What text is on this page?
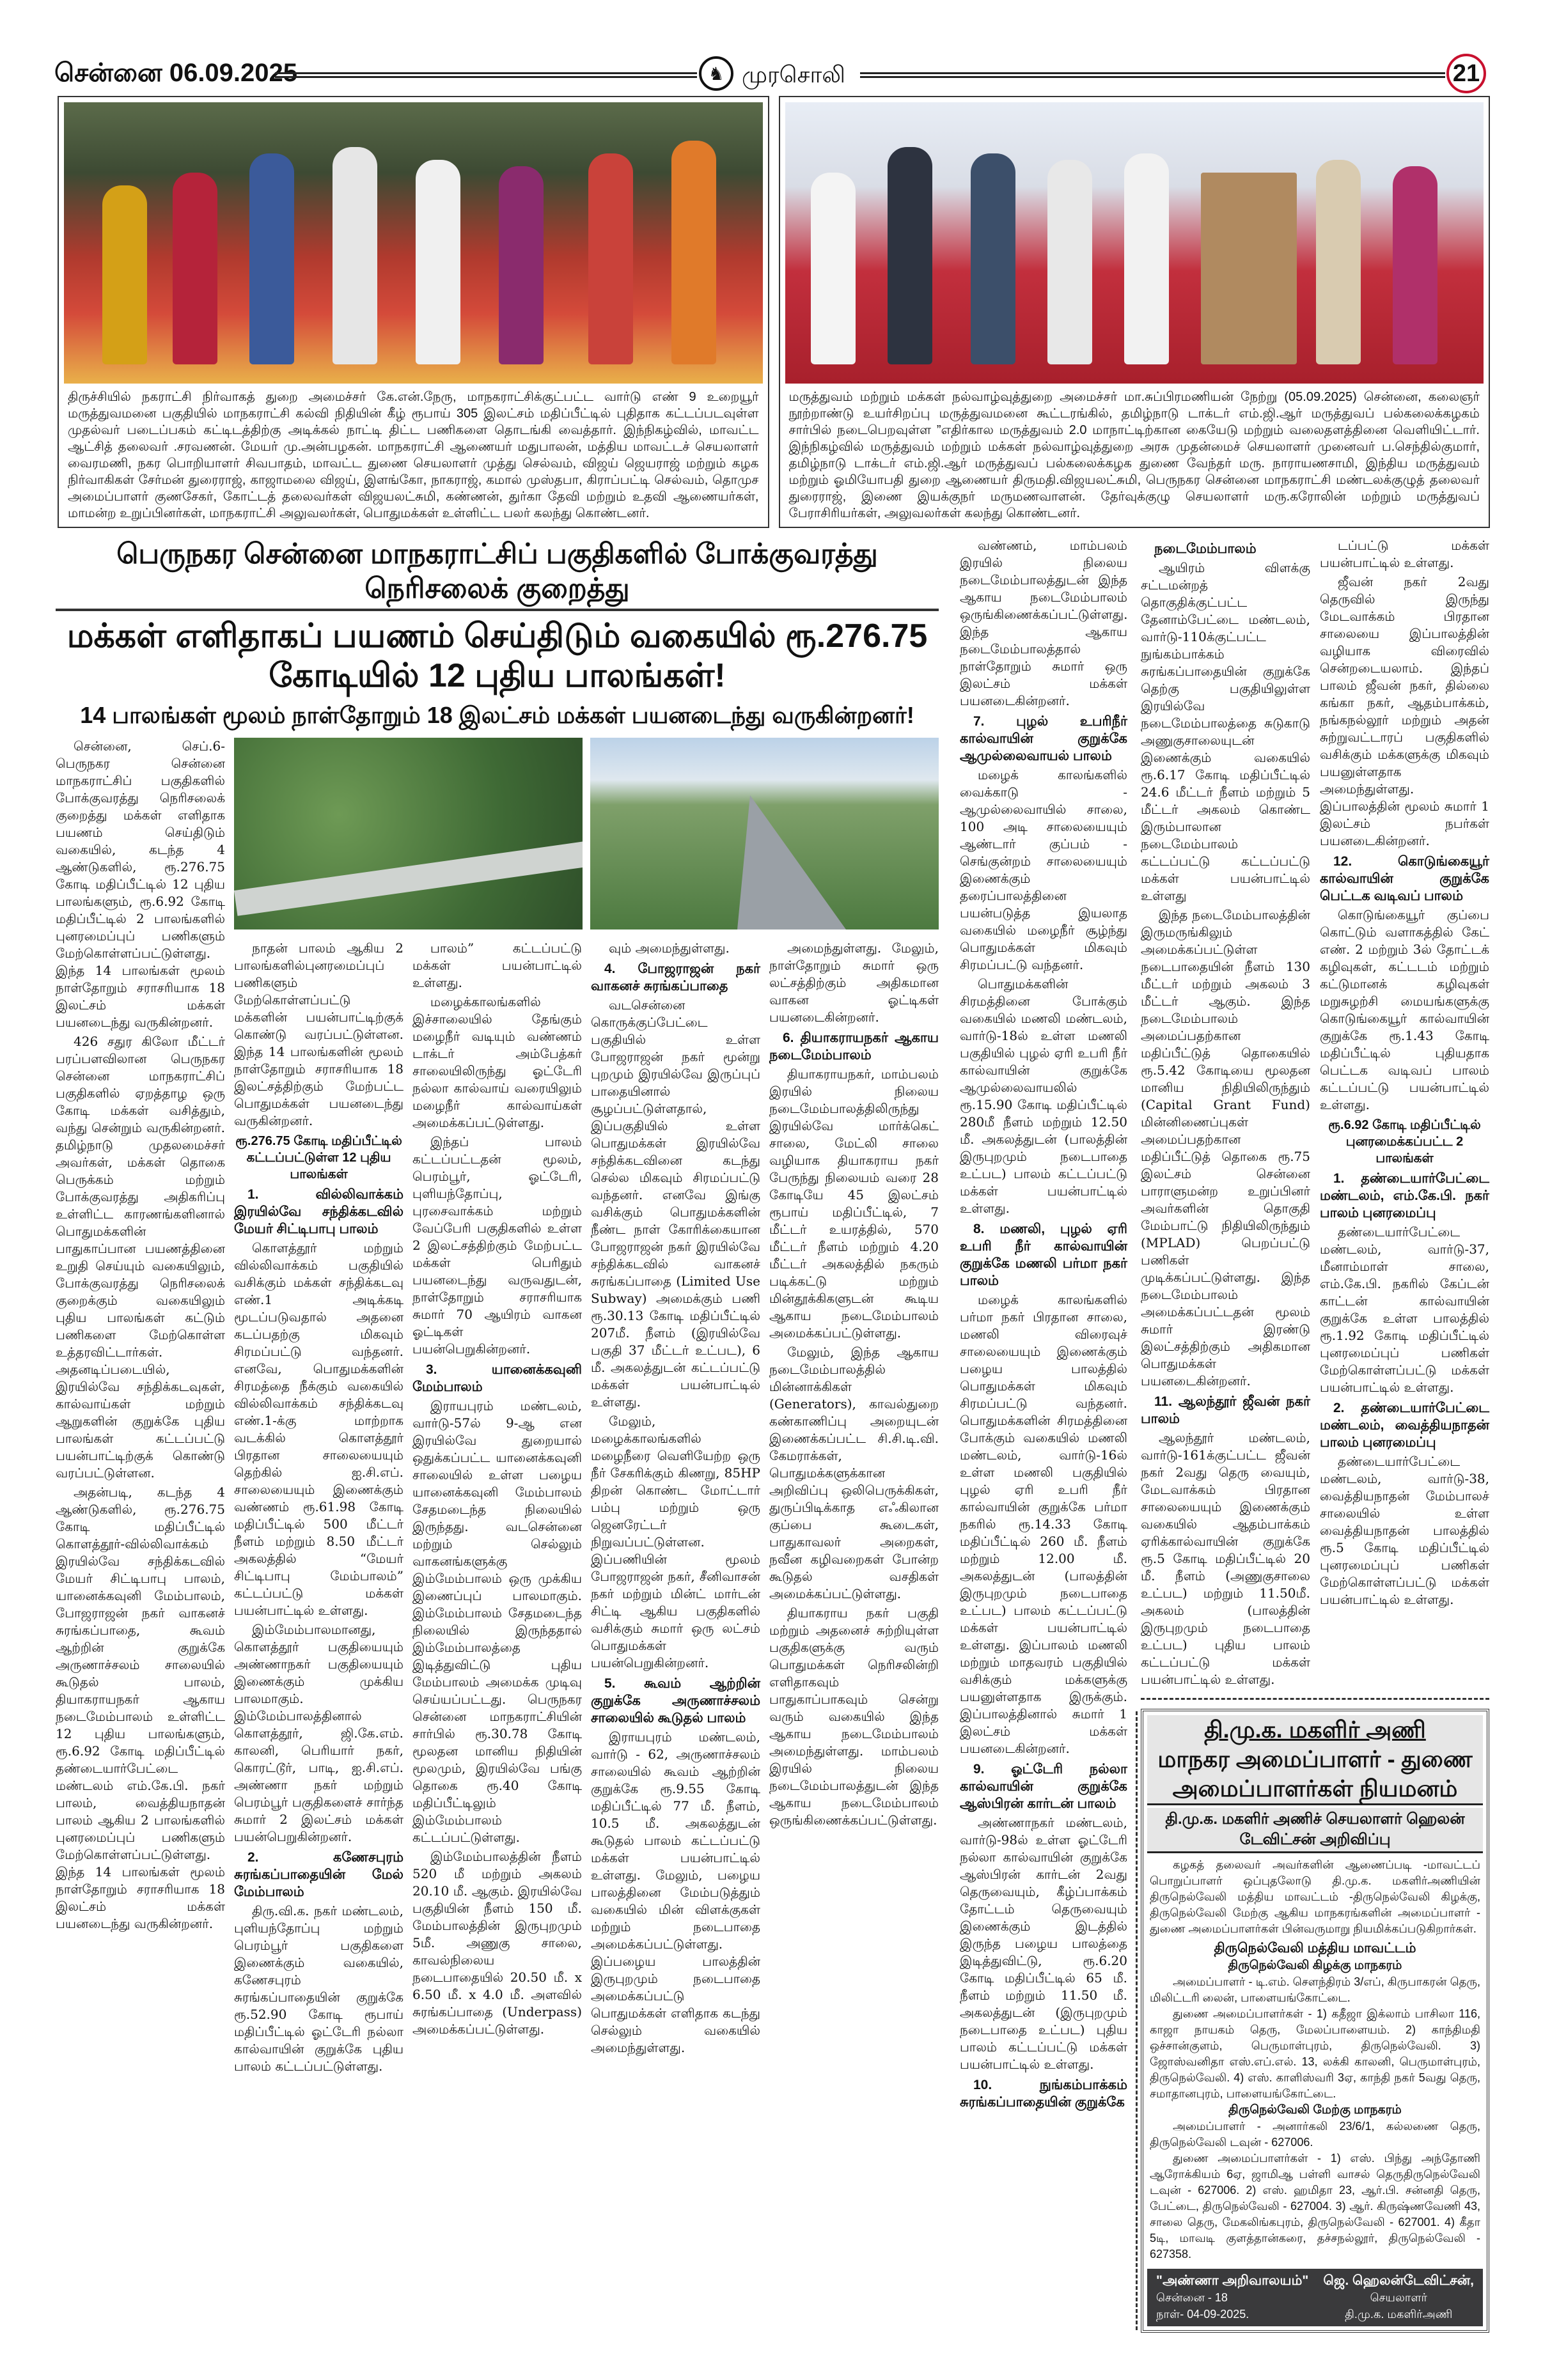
சென்னை 06.09.2025	♞ முரசொலி	21
திருச்சியில் நகராட்சி நிர்வாகத் துறை அமைச்சர் கே.என்.நேரு, மாநகராட்சிக்குட்பட்ட வார்டு எண் 9 உறையூர் மருத்துவமனை பகுதியில் மாநகராட்சி கல்வி நிதியின் கீழ் ரூபாய் 305 இலட்சம் மதிப்பீட்டில் புதிதாக கட்டப்படவுள்ள முதல்வர் படைப்பகம் கட்டிடத்திற்கு அடிக்கல் நாட்டி திட்ட பணிகளை தொடங்கி வைத்தார். இந்நிகழ்வில், மாவட்ட ஆட்சித் தலைவர் .சரவணன். மேயர் மு.அன்பழகன். மாநகராட்சி ஆணையர் மதுபாலன், மத்திய மாவட்டச் செயலாளர் வைரமணி, நகர பொறியாளர் சிவபாதம், மாவட்ட துணை செயலாளர் முத்து செல்வம், விஜய் ஜெயராஜ் மற்றும் கழக நிர்வாகிகள் சேர்மன் துரைராஜ், காஜாமலை விஜய், இளங்கோ, நாகராஜ், கமால் முஸ்தபா, கிராப்பட்டி செல்வம், தொமுச அமைப்பாளர் குணசேகர், கோட்டத் தலைவர்கள் விஜயலட்சுமி, கண்ணன், துர்கா தேவி மற்றும் உதவி ஆணையர்கள், மாமன்ற உறுப்பினர்கள், மாநகராட்சி அலுவலர்கள், பொதுமக்கள் உள்ளிட்ட பலர் கலந்து கொண்டனர்.
மருத்துவம் மற்றும் மக்கள் நல்வாழ்வுத்துறை அமைச்சர் மா.சுப்பிரமணியன் நேற்று (05.09.2025) சென்னை, கலைஞர் நூற்றாண்டு உயர்சிறப்பு மருத்துவமனை கூட்டரங்கில், தமிழ்நாடு டாக்டர் எம்.ஜி.ஆர் மருத்துவப் பல்கலைக்கழகம் சார்பில் நடைபெறவுள்ள ”எதிர்கால மருத்துவம் 2.0 மாநாட்டிற்கான கையேடு மற்றும் வலைதளத்தினை வெளியிட்டார். இந்நிகழ்வில் மருத்துவம் மற்றும் மக்கள் நல்வாழ்வுத்துறை அரசு முதன்மைச் செயலாளர் முனைவர் ப.செந்தில்குமார், தமிழ்நாடு டாக்டர் எம்.ஜி.ஆர் மருத்துவப் பல்கலைக்கழக துணை வேந்தர் மரு. நாராயணசாமி, இந்திய மருத்துவம் மற்றும் ஓமியோபதி துறை ஆணையர் திருமதி.விஜயலட்சுமி, பெருநகர சென்னை மாநகராட்சி மண்டலக்குழுத் தலைவர் துரைராஜ், இணை இயக்குநர் மருமணவாளன். தேர்வுக்குழு செயலாளர் மரு.கரோலின் மற்றும் மருத்துவப் பேராசிரியர்கள், அலுவலர்கள் கலந்து கொண்டனர்.
பெருநகர சென்னை மாநகராட்சிப் பகுதிகளில் போக்குவரத்து நெரிசலைக் குறைத்து
மக்கள் எளிதாகப் பயணம் செய்திடும் வகையில் ரூ.276.75 கோடியில் 12 புதிய பாலங்கள்!
14 பாலங்கள் மூலம் நாள்தோறும் 18 இலட்சம் மக்கள் பயனடைந்து வருகின்றனர்!

சென்னை, செப்.6- பெருநகர சென்னை மாநகராட்சிப் பகுதிகளில் போக்குவரத்து நெரிசலைக் குறைத்து மக்கள் எளிதாக பயணம் செய்திடும் வகையில், கடந்த 4 ஆண்டுகளில், ரூ.276.75 கோடி மதிப்பீட்டில் 12 புதிய பாலங்களும், ரூ.6.92 கோடி மதிப்பீட்டில் 2 பாலங்களில் புனரமைப்புப் பணிகளும் மேற்கொள்ளப்பட்டுள்ளது. இந்த 14 பாலங்கள் மூலம் நாள்தோறும் சராசரியாக 18 இலட்சம் மக்கள் பயனடைந்து வருகின்றனர்.

426 சதுர கிலோ மீட்டர் பரப்பளவிலான பெருநகர சென்னை மாநகராட்சிப் பகுதிகளில் ஏறத்தாழ ஒரு கோடி மக்கள் வசித்தும், வந்து சென்றும் வருகின்றனர். தமிழ்நாடு முதலமைச்சர் அவர்கள், மக்கள் தொகை பெருக்கம் மற்றும் போக்குவரத்து அதிகரிப்பு உள்ளிட்ட காரணங்களினால் பொதுமக்களின் பாதுகாப்பான பயணத்தினை உறுதி செய்யும் வகையிலும், போக்குவரத்து நெரிசலைக் குறைக்கும் வகையிலும் புதிய பாலங்கள் கட்டும் பணிகளை மேற்கொள்ள உத்தரவிட்டார்கள். அதனடிப்படையில், இரயில்வே சந்திக்கடவுகள், கால்வாய்கள் மற்றும் ஆறுகளின் குறுக்கே புதிய பாலங்கள் கட்டப்பட்டு பயன்பாட்டிற்குக் கொண்டு வரப்பட்டுள்ளன.

அதன்படி, கடந்த 4 ஆண்டுகளில், ரூ.276.75 கோடி மதிப்பீட்டில் கொளத்தூர்-வில்லிவாக்கம் இரயில்வே சந்திக்கடவில் மேயர் சிட்டிபாபு பாலம், யானைக்கவுனி மேம்பாலம், போஜராஜன் நகர் வாகனச் சுரங்கப்பாதை, கூவம் ஆற்றின் குறுக்கே அருணாச்சலம் சாலையில் கூடுதல் பாலம், தியாகராயநகர் ஆகாய நடைமேம்பாலம் உள்ளிட்ட 12 புதிய பாலங்களும், ரூ.6.92 கோடி மதிப்பீட்டில் தண்டையார்பேட்டை மண்டலம் எம்.கே.பி. நகர் பாலம், வைத்தியநாதன் பாலம் ஆகிய 2 பாலங்களில் புனரமைப்புப் பணிகளும் மேற்கொள்ளப்பட்டுள்ளது. இந்த 14 பாலங்கள் மூலம் நாள்தோறும் சராசரியாக 18 இலட்சம் மக்கள் பயனடைந்து வருகின்றனர்.

நாதன் பாலம் ஆகிய 2 பாலங்களில்புனரமைப்புப் பணிகளும் மேற்கொள்ளப்பட்டு மக்களின் பயன்பாட்டிற்குக் கொண்டு வரப்பட்டுள்ளன. இந்த 14 பாலங்களின் மூலம் நாள்தோறும் சராசரியாக 18 இலட்சத்திற்கும் மேற்பட்ட பொதுமக்கள் பயனடைந்து வருகின்றனர்.

ரூ.276.75 கோடி மதிப்பீட்டில் கட்டப்பட்டுள்ள 12 புதிய பாலங்கள்
1. வில்லிவாக்கம் இரயில்வே சந்திக்கடவில் மேயர் சிட்டிபாபு பாலம்

கொளத்தூர் மற்றும் வில்லிவாக்கம் பகுதியில் வசிக்கும் மக்கள் சந்திக்கடவு எண்.1 அடிக்கடி மூடப்படுவதால் அதனை கடப்பதற்கு மிகவும் சிரமப்பட்டு வந்தனர். எனவே, பொதுமக்களின் சிரமத்தை நீக்கும் வகையில் வில்லிவாக்கம் சந்திக்கடவு எண்.1-க்கு மாற்றாக வடக்கில் கொளத்தூர் பிரதான சாலையையும் தெற்கில் ஐ.சி.எப். சாலையையும் இணைக்கும் வண்ணம் ரூ.61.98 கோடி மதிப்பீட்டில் 500 மீட்டர் நீளம் மற்றும் 8.50 மீட்டர் அகலத்தில் “மேயர் சிட்டிபாபு மேம்பாலம்” கட்டப்பட்டு மக்கள் பயன்பாட்டில் உள்ளது.

இம்மேம்பாலமானது, கொளத்தூர் பகுதியையும் அண்ணாநகர் பகுதியையும் இணைக்கும் முக்கிய பாலமாகும். இம்மேம்பாலத்தினால் கொளத்தூர், ஜி.கே.எம். காலனி, பெரியார் நகர், கொரட்டூர், பாடி, ஐ.சி.எப். அண்ணா நகர் மற்றும் பெரம்பூர் பகுதிகளைச் சார்ந்த சுமார் 2 இலட்சம் மக்கள் பயன்பெறுகின்றனர்.

2. கணேசபுரம் சுரங்கப்பாதையின் மேல் மேம்பாலம்

திரு.வி.க. நகர் மண்டலம், புளியந்தோப்பு மற்றும் பெரம்பூர் பகுதிகளை இணைக்கும் வகையில், கணேசபுரம் சுரங்கப்பாதையின் குறுக்கே ரூ.52.90 கோடி ரூபாய் மதிப்பீட்டில் ஓட்டேரி நல்லா கால்வாயின் குறுக்கே புதிய பாலம் கட்டப்பட்டுள்ளது.

பாலம்” கட்டப்பட்டு மக்கள் பயன்பாட்டில் உள்ளது.

மழைக்காலங்களில் இச்சாலையில் தேங்கும் மழைநீர் வடியும் வண்ணம் டாக்டர் அம்பேத்கர் சாலையிலிருந்து ஓட்டேரி நல்லா கால்வாய் வரையிலும் மழைநீர் கால்வாய்கள் அமைக்கப்பட்டுள்ளது.

இந்தப் பாலம் கட்டப்பட்டதன் மூலம், பெரம்பூர், ஓட்டேரி, புளியந்தோப்பு, புரசைவாக்கம் மற்றும் வேப்பேரி பகுதிகளில் உள்ள 2 இலட்சத்திற்கும் மேற்பட்ட மக்கள் பெரிதும் பயனடைந்து வருவதுடன், நாள்தோறும் சராசரியாக சுமார் 70 ஆயிரம் வாகன ஓட்டிகள் பயன்பெறுகின்றனர்.

3. யானைக்கவுனி மேம்பாலம்

இராயபுரம் மண்டலம், வார்டு-57ல் 9-ஆ என இரயில்வே துறையால் ஒதுக்கப்பட்ட யானைக்கவுனி சாலையில் உள்ள பழைய யானைக்கவுனி மேம்பாலம் சேதமடைந்த நிலையில் இருந்தது. வடசென்னை மற்றும் செல்லும் வாகனங்களுக்கு இம்மேம்பாலம் ஒரு முக்கிய இணைப்புப் பாலமாகும். இம்மேம்பாலம் சேதமடைந்த நிலையில் இருந்ததால் இம்மேம்பாலத்தை இடித்துவிட்டு புதிய மேம்பாலம் அமைக்க முடிவு செய்யப்பட்டது. பெருநகர சென்னை மாநகராட்சியின் சார்பில் ரூ.30.78 கோடி மூலதன மானிய நிதியின் மூலமும், இரயில்வே பங்கு தொகை ரூ.40 கோடி மதிப்பீட்டிலும் இம்மேம்பாலம் கட்டப்பட்டுள்ளது.

இம்மேம்பாலத்தின் நீளம் 520 மீ மற்றும் அகலம் 20.10 மீ. ஆகும். இரயில்வே பகுதியின் நீளம் 150 மீ. மேம்பாலத்தின் இருபுறமும் 5மீ. அணுகு சாலை, காவல்நிலைய நடைபாதையில் 20.50 மீ. x 6.50 மீ. x 4.0 மீ. அளவில் சுரங்கப்பாதை (Underpass) அமைக்கப்பட்டுள்ளது.

வும் அமைந்துள்ளது.

4. போஜராஜன் நகர் வாகனச் சுரங்கப்பாதை

வடசென்னை கொருக்குப்பேட்டை பகுதியில் உள்ள போஜராஜன் நகர் மூன்று புறமும் இரயில்வே இருப்புப் பாதையினால் சூழப்பட்டுள்ளதால், இப்பகுதியில் உள்ள பொதுமக்கள் இரயில்வே சந்திக்கடவினை கடந்து செல்ல மிகவும் சிரமப்பட்டு வந்தனர். எனவே இங்கு வசிக்கும் பொதுமக்களின் நீண்ட நாள் கோரிக்கையான போஜராஜன் நகர் இரயில்வே சந்திக்கடவில் வாகனச் சுரங்கப்பாதை (Limited Use Subway) அமைக்கும் பணி ரூ.30.13 கோடி மதிப்பீட்டில் 207மீ. நீளம் (இரயில்வே பகுதி 37 மீட்டர் உட்பட), 6 மீ. அகலத்துடன் கட்டப்பட்டு மக்கள் பயன்பாட்டில் உள்ளது.

மேலும், மழைக்காலங்களில் மழைநீரை வெளியேற்ற ஒரு நீர் சேகரிக்கும் கிணறு, 85HP திறன் கொண்ட மோட்டார் பம்பு மற்றும் ஒரு ஜெனரேட்டர் நிறுவப்பட்டுள்ளன. இப்பணியின் மூலம் போஜராஜன் நகர், சீனிவாசன் நகர் மற்றும் மின்ட் மார்டன் சிட்டி ஆகிய பகுதிகளில் வசிக்கும் சுமார் ஒரு லட்சம் பொதுமக்கள் பயன்பெறுகின்றனர்.

5. கூவம் ஆற்றின் குறுக்கே அருணாச்சலம் சாலையில் கூடுதல் பாலம்

இராயபுரம் மண்டலம், வார்டு - 62, அருணாச்சலம் சாலையில் கூவம் ஆற்றின் குறுக்கே ரூ.9.55 கோடி மதிப்பீட்டில் 77 மீ. நீளம், 10.5 மீ. அகலத்துடன் கூடுதல் பாலம் கட்டப்பட்டு மக்கள் பயன்பாட்டில் உள்ளது. மேலும், பழைய பாலத்தினை மேம்படுத்தும் வகையில் மின் விளக்குகள் மற்றும் நடைபாதை அமைக்கப்பட்டுள்ளது. இப்பழைய பாலத்தின் இருபுறமும் நடைபாதை அமைக்கப்பட்டு பொதுமக்கள் எளிதாக கடந்து செல்லும் வகையில் அமைந்துள்ளது.

அமைந்துள்ளது. மேலும், நாள்தோறும் சுமார் ஒரு லட்சத்திற்கும் அதிகமான வாகன ஓட்டிகள் பயனடைகின்றனர்.

6. தியாகராயநகர் ஆகாய நடைமேம்பாலம்

தியாகராயநகர், மாம்பலம் இரயில் நிலைய நடைமேம்பாலத்திலிருந்து இரயில்வே மார்க்கெட் சாலை, மேட்லி சாலை வழியாக தியாகராய நகர் பேருந்து நிலையம் வரை 28 கோடியே 45 இலட்சம் ரூபாய் மதிப்பீட்டில், 7 மீட்டர் உயரத்தில், 570 மீட்டர் நீளம் மற்றும் 4.20 மீட்டர் அகலத்தில் நகரும் படிக்கட்டு மற்றும் மின்தூக்கிகளுடன் கூடிய ஆகாய நடைமேம்பாலம் அமைக்கப்பட்டுள்ளது.

மேலும், இந்த ஆகாய நடைமேம்பாலத்தில் மின்னாக்கிகள் (Generators), காவல்துறை கண்காணிப்பு அறையுடன் இணைக்கப்பட்ட சி.சி.டி.வி. கேமராக்கள், பொதுமக்களுக்கான அறிவிப்பு ஒலிபெருக்கிகள், துருப்பிடிக்காத எஃகிலான குப்பை கூடைகள், பாதுகாவலர் அறைகள், நவீன கழிவறைகள் போன்ற கூடுதல் வசதிகள் அமைக்கப்பட்டுள்ளது.

தியாகராய நகர் பகுதி மற்றும் அதனைச் சுற்றியுள்ள பகுதிகளுக்கு வரும் பொதுமக்கள் நெரிசலின்றி எளிதாகவும் பாதுகாப்பாகவும் சென்று வரும் வகையில் இந்த ஆகாய நடைமேம்பாலம் அமைந்துள்ளது. மாம்பலம் இரயில் நிலைய நடைமேம்பாலத்துடன் இந்த ஆகாய நடைமேம்பாலம் ஒருங்கிணைக்கப்பட்டுள்ளது.

வண்ணம், மாம்பலம் இரயில் நிலைய நடைமேம்பாலத்துடன் இந்த ஆகாய நடைமேம்பாலம் ஒருங்கிணைக்கப்பட்டுள்ளது. இந்த ஆகாய நடைமேம்பாலத்தால் நாள்தோறும் சுமார் ஒரு இலட்சம் மக்கள் பயனடைகின்றனர்.

7. புழல் உபரிநீர் கால்வாயின் குறுக்கே ஆமுல்லைவாயல் பாலம்

மழைக் காலங்களில் வைக்காடு - ஆமுல்லைவாயில் சாலை, 100 அடி சாலையையும் ஆண்டார் குப்பம் - செங்குன்றம் சாலையையும் இணைக்கும் தரைப்பாலத்தினை பயன்படுத்த இயலாத வகையில் மழைநீர் சூழ்ந்து பொதுமக்கள் மிகவும் சிரமப்பட்டு வந்தனர்.

பொதுமக்களின் சிரமத்தினை போக்கும் வகையில் மணலி மண்டலம், வார்டு-18ல் உள்ள மணலி பகுதியில் புழல் ஏரி உபரி நீர் கால்வாயின் குறுக்கே ஆமுல்லைவாயலில் ரூ.15.90 கோடி மதிப்பீட்டில் 280மீ நீளம் மற்றும் 12.50 மீ. அகலத்துடன் (பாலத்தின் இருபுறமும் நடைபாதை உட்பட) பாலம் கட்டப்பட்டு மக்கள் பயன்பாட்டில் உள்ளது.

8. மணலி, புழல் ஏரி உபரி நீர் கால்வாயின் குறுக்கே மணலி பர்மா நகர் பாலம்

மழைக் காலங்களில் பர்மா நகர் பிரதான சாலை, மணலி விரைவுச் சாலையையும் இணைக்கும் பழைய பாலத்தில் பொதுமக்கள் மிகவும் சிரமப்பட்டு வந்தனர். பொதுமக்களின் சிரமத்தினை போக்கும் வகையில் மணலி மண்டலம், வார்டு-16ல் உள்ள மணலி பகுதியில் புழல் ஏரி உபரி நீர் கால்வாயின் குறுக்கே பர்மா நகரில் ரூ.14.33 கோடி மதிப்பீட்டில் 260 மீ. நீளம் மற்றும் 12.00 மீ. அகலத்துடன் (பாலத்தின் இருபுறமும் நடைபாதை உட்பட) பாலம் கட்டப்பட்டு மக்கள் பயன்பாட்டில் உள்ளது. இப்பாலம் மணலி மற்றும் மாதவரம் பகுதியில் வசிக்கும் மக்களுக்கு பயனுள்ளதாக இருக்கும். இப்பாலத்தினால் சுமார் 1 இலட்சம் மக்கள் பயனடைகின்றனர்.

9. ஓட்டேரி நல்லா கால்வாயின் குறுக்கே ஆஸ்பிரன் கார்டன் பாலம்

அண்ணாநகர் மண்டலம், வார்டு-98ல் உள்ள ஓட்டேரி நல்லா கால்வாயின் குறுக்கே ஆஸ்பிரன் கார்டன் 2வது தெருவையும், கீழ்ப்பாக்கம் தோட்டம் தெருவையும் இணைக்கும் இடத்தில் இருந்த பழைய பாலத்தை இடித்துவிட்டு, ரூ.6.20 கோடி மதிப்பீட்டில் 65 மீ. நீளம் மற்றும் 11.50 மீ. அகலத்துடன் (இருபுறமும் நடைபாதை உட்பட) புதிய பாலம் கட்டப்பட்டு மக்கள் பயன்பாட்டில் உள்ளது.

10. நுங்கம்பாக்கம் சுரங்கப்பாதையின் குறுக்கே
நடைமேம்பாலம்

ஆயிரம் விளக்கு சட்டமன்றத் தொகுதிக்குட்பட்ட தேனாம்பேட்டை மண்டலம், வார்டு-110க்குட்பட்ட நுங்கம்பாக்கம் சுரங்கப்பாதையின் குறுக்கே தெற்கு பகுதியிலுள்ள இரயில்வே நடைமேம்பாலத்தை சுடுகாடு அணுகுசாலையுடன் இணைக்கும் வகையில் ரூ.6.17 கோடி மதிப்பீட்டில் 24.6 மீட்டர் நீளம் மற்றும் 5 மீட்டர் அகலம் கொண்ட இரும்பாலான நடைமேம்பாலம் கட்டப்பட்டு கட்டப்பட்டு மக்கள் பயன்பாட்டில் உள்ளது

இந்த நடைமேம்பாலத்தின் இருமருங்கிலும் அமைக்கப்பட்டுள்ள நடைபாதையின் நீளம் 130 மீட்டர் மற்றும் அகலம் 3 மீட்டர் ஆகும். இந்த நடைமேம்பாலம் அமைப்பதற்கான மதிப்பீட்டுத் தொகையில் ரூ.5.42 கோடியை மூலதன மானிய நிதியிலிருந்தும் (Capital Grant Fund) மின்னிணைப்புகள் அமைப்பதற்கான மதிப்பீட்டுத் தொகை ரூ.75 இலட்சம் சென்னை பாராளுமன்ற உறுப்பினர் அவர்களின் தொகுதி மேம்பாட்டு நிதியிலிருந்தும் (MPLAD) பெறப்பட்டு பணிகள் முடிக்கப்பட்டுள்ளது. இந்த நடைமேம்பாலம் அமைக்கப்பட்டதன் மூலம் சுமார் இரண்டு இலட்சத்திற்கும் அதிகமான பொதுமக்கள் பயனடைகின்றனர்.

11. ஆலந்தூர் ஜீவன் நகர் பாலம்

ஆலந்தூர் மண்டலம், வார்டு-161க்குட்பட்ட ஜீவன் நகர் 2வது தெரு வையும், மேடவாக்கம் பிரதான சாலையையும் இணைக்கும் வகையில் ஆதம்பாக்கம் ஏரிக்கால்வாயின் குறுக்கே ரூ.5 கோடி மதிப்பீட்டில் 20 மீ. நீளம் (அணுகுசாலை உட்பட) மற்றும் 11.50மீ. அகலம் (பாலத்தின் இருபுறமும் நடைபாதை உட்பட) புதிய பாலம் கட்டப்பட்டு மக்கள் பயன்பாட்டில் உள்ளது.

டப்பட்டு மக்கள் பயன்பாட்டில் உள்ளது.

ஜீவன் நகர் 2வது தெருவில் இருந்து மேடவாக்கம் பிரதான சாலையை இப்பாலத்தின் வழியாக விரைவில் சென்றடையலாம். இந்தப் பாலம் ஜீவன் நகர், தில்லை கங்கா நகர், ஆதம்பாக்கம், நங்கநல்லூர் மற்றும் அதன் சுற்றுவட்டாரப் பகுதிகளில் வசிக்கும் மக்களுக்கு மிகவும் பயனுள்ளதாக அமைந்துள்ளது. இப்பாலத்தின் மூலம் சுமார் 1 இலட்சம் நபர்கள் பயனடைகின்றனர்.

12. கொடுங்கையூர் கால்வாயின் குறுக்கே பெட்டக வடிவப் பாலம்

கொடுங்கையூர் குப்பை கொட்டும் வளாகத்தில் கேட் எண். 2 மற்றும் 3ல் தோட்டக் கழிவுகள், கட்டடம் மற்றும் கட்டுமானக் கழிவுகள் மறுசுழற்சி மையங்களுக்கு கொடுங்கையூர் கால்வாயின் குறுக்கே ரூ.1.43 கோடி மதிப்பீட்டில் புதியதாக பெட்டக வடிவப் பாலம் கட்டப்பட்டு பயன்பாட்டில் உள்ளது.

ரூ.6.92 கோடி மதிப்பீட்டில் புனரமைக்கப்பட்ட 2 பாலங்கள்
1. தண்டையார்பேட்டை மண்டலம், எம்.கே.பி. நகர் பாலம் புனரமைப்பு

தண்டையார்பேட்டை மண்டலம், வார்டு-37, மீனாம்மாள் சாலை, எம்.கே.பி. நகரில் கேப்டன் காட்டன் கால்வாயின் குறுக்கே உள்ள பாலத்தில் ரூ.1.92 கோடி மதிப்பீட்டில் புனரமைப்புப் பணிகள் மேற்கொள்ளப்பட்டு மக்கள் பயன்பாட்டில் உள்ளது.

2. தண்டையார்பேட்டை மண்டலம், வைத்தியநாதன் பாலம் புனரமைப்பு

தண்டையார்பேட்டை மண்டலம், வார்டு-38, வைத்தியநாதன் மேம்பாலச் சாலையில் உள்ள வைத்தியநாதன் பாலத்தில் ரூ.5 கோடி மதிப்பீட்டில் புனரமைப்புப் பணிகள் மேற்கொள்ளப்பட்டு மக்கள் பயன்பாட்டில் உள்ளது.

தி.மு.க. மகளிர் அணி
மாநகர அமைப்பாளர் - துணை அமைப்பாளர்கள் நியமனம்
தி.மு.க. மகளிர் அணிச் செயலாளர் ஹெலன் டேவிட்சன் அறிவிப்பு

கழகத் தலைவர் அவர்களின் ஆணைப்படி -மாவட்டப் பொறுப்பாளர் ஒப்புதலோடு தி.மு.க. மகளிர்அணியின் திருநெல்வேலி மத்திய மாவட்டம் -திருநெல்வேலி கிழக்கு, திருநெல்வேலி மேற்கு ஆகிய மாநகரங்களின் அமைப்பாளர் - துணை அமைப்பாளர்கள் பின்வருமாறு நியமிக்கப்படுகிறார்கள்.

திருநெல்வேலி மத்திய மாவட்டம்
திருநெல்வேலி கிழக்கு மாநகரம்

அமைப்பாளர் - டி.எம். சௌந்திரம் 3/எப், கிருபாகரன் தெரு, மிலிட்டரி லைன், பாளையங்கோட்டை.

துணை அமைப்பாளர்கள் - 1) கதீஜா இக்லாம் பாசிலா 116, காஜா நாயகம் தெரு, மேலப்பாளையம். 2) காந்திமதி ஒச்சான்குளம், பெருமாள்புரம், திருநெல்வேலி. 3) ஜோஸ்வனிதா எஸ்.எப்.எல். 13, லக்கி காலனி, பெருமாள்புரம், திருநெல்வேலி. 4) எஸ். காளிஸ்வரி 3ஏ, காந்தி நகர் 5வது தெரு, சமாதானபுரம், பாளையங்கோட்டை.

திருநெல்வேலி மேற்கு மாநகரம்

அமைப்பாளர் - அனார்கலி 23/6/1, கல்லணை தெரு, திருநெல்வேலி டவுன் - 627006.

துணை அமைப்பாளர்கள் - 1) எஸ். பிந்து அந்தோணி ஆரோக்கியம் 6ஏ, ஜாமிஆ பள்ளி வாசல் தெருதிருநெல்வேலி டவுன் - 627006. 2) எஸ். ஹமிதா 23, ஆர்.பி. சன்னதி தெரு, பேட்டை, திருநெல்வேலி - 627004. 3) ஆர். கிருஷ்ணவேணி 43, சாலை தெரு, மேகலிங்கபுரம், திருநெல்வேலி - 627001. 4) கீதா 5டி, மாவடி குளத்தான்கரை, தச்சநல்லூர், திருநெல்வேலி - 627358.

"அண்ணா அறிவாலயம்"
சென்னை - 18
நாள்- 04-09-2025.
ஜெ. ஹெலன்டேவிட்சன்,
செயலாளர்
தி.மு.க. மகளிர்அணி
